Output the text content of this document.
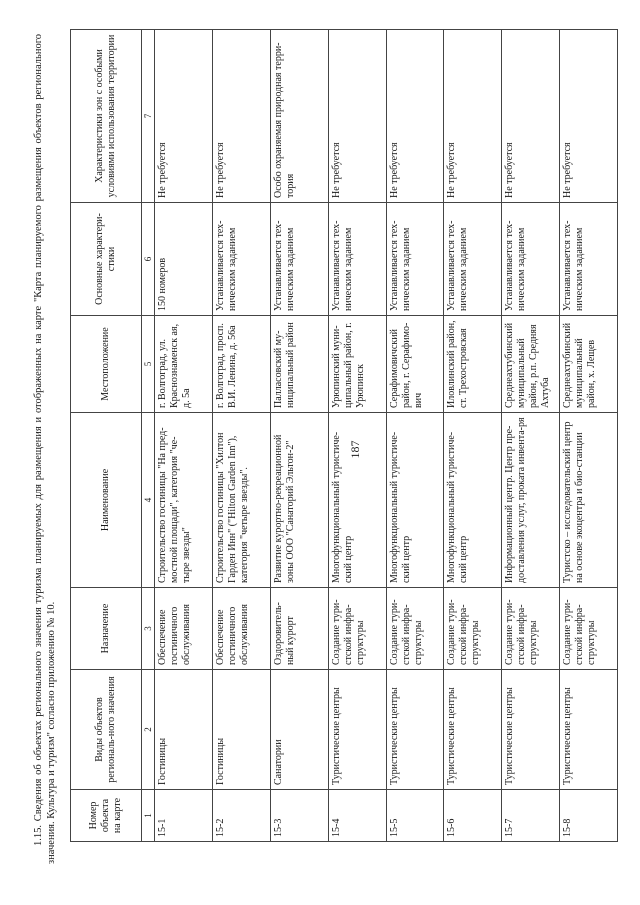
187
1.15. Сведения об объектах регионального значения туризма планируемых для размещения и отображенных на карте "Карта планируемого размещения объектов регионального значения. Культура и туризм" согласно приложению № 10.	Номер объекта на карте	Виды объектов региональ-ного значения	Назначение	Наименование	Местоположение	Основные характери-стики	Характеристики зон с особыми условиями использования территории
1	2	3	4	5	6	7
15-1	Гостиницы	Обеспечение гостиничного обслуживания	Строительство гостиницы "На пред-мостной площади", категория "че-тыре звезды"	г. Волгоград, ул. Краснознаменск ая, д. 5а	150 номеров	Не требуется
15-2	Гостиницы	Обеспечение гостиничного обслуживания	Строительство гостиницы "Хилтон Гарден Инн" ("Hilton Garden Inn"), категория "четыре звезды".	г. Волгоград, просп. В.И. Ленина, д. 56а	Устанавливается тех-ническим заданием	Не требуется
15-3	Санатории	Оздоровитель-ный курорт	Развитие курортно-рекреационной зоны ООО "Санаторий Эльтон-2"	Палласовский му-ниципальный район	Устанавливается тех-ническим заданием	Особо охраняемая природная терри-тория
15-4	Туристические центры	Создание тури-стской инфра-структуры	Многофункциональный туристиче-ский центр	Урюпинский муни-ципальный район, г. Урюпинск	Устанавливается тех-ническим заданием	Не требуется
15-5	Туристические центры	Создание тури-стской инфра-структуры	Многофункциональный туристиче-ский центр	Серафимовичский район, г. Серафимо-вич	Устанавливается тех-ническим заданием	Не требуется
15-6	Туристические центры	Создание тури-стской инфра-структуры	Многофункциональный туристиче-ский центр	Иловлинский район, ст. Трехостровская	Устанавливается тех-ническим заданием	Не требуется
15-7	Туристические центры	Создание тури-стской инфра-структуры	Информационный центр. Центр пре-доставления услуг, проката инвента-ря	Среднеахтубинский муниципальный район, р.п. Средняя Ахтуба	Устанавливается тех-ническим заданием	Не требуется
15-8	Туристические центры	Создание тури-стской инфра-структуры	Туристско – исследовательский центр на основе экоцентра и био-станции	Среднеахтубинский муниципальный район, х. Лещев	Устанавливается тех-ническим заданием	Не требуется
